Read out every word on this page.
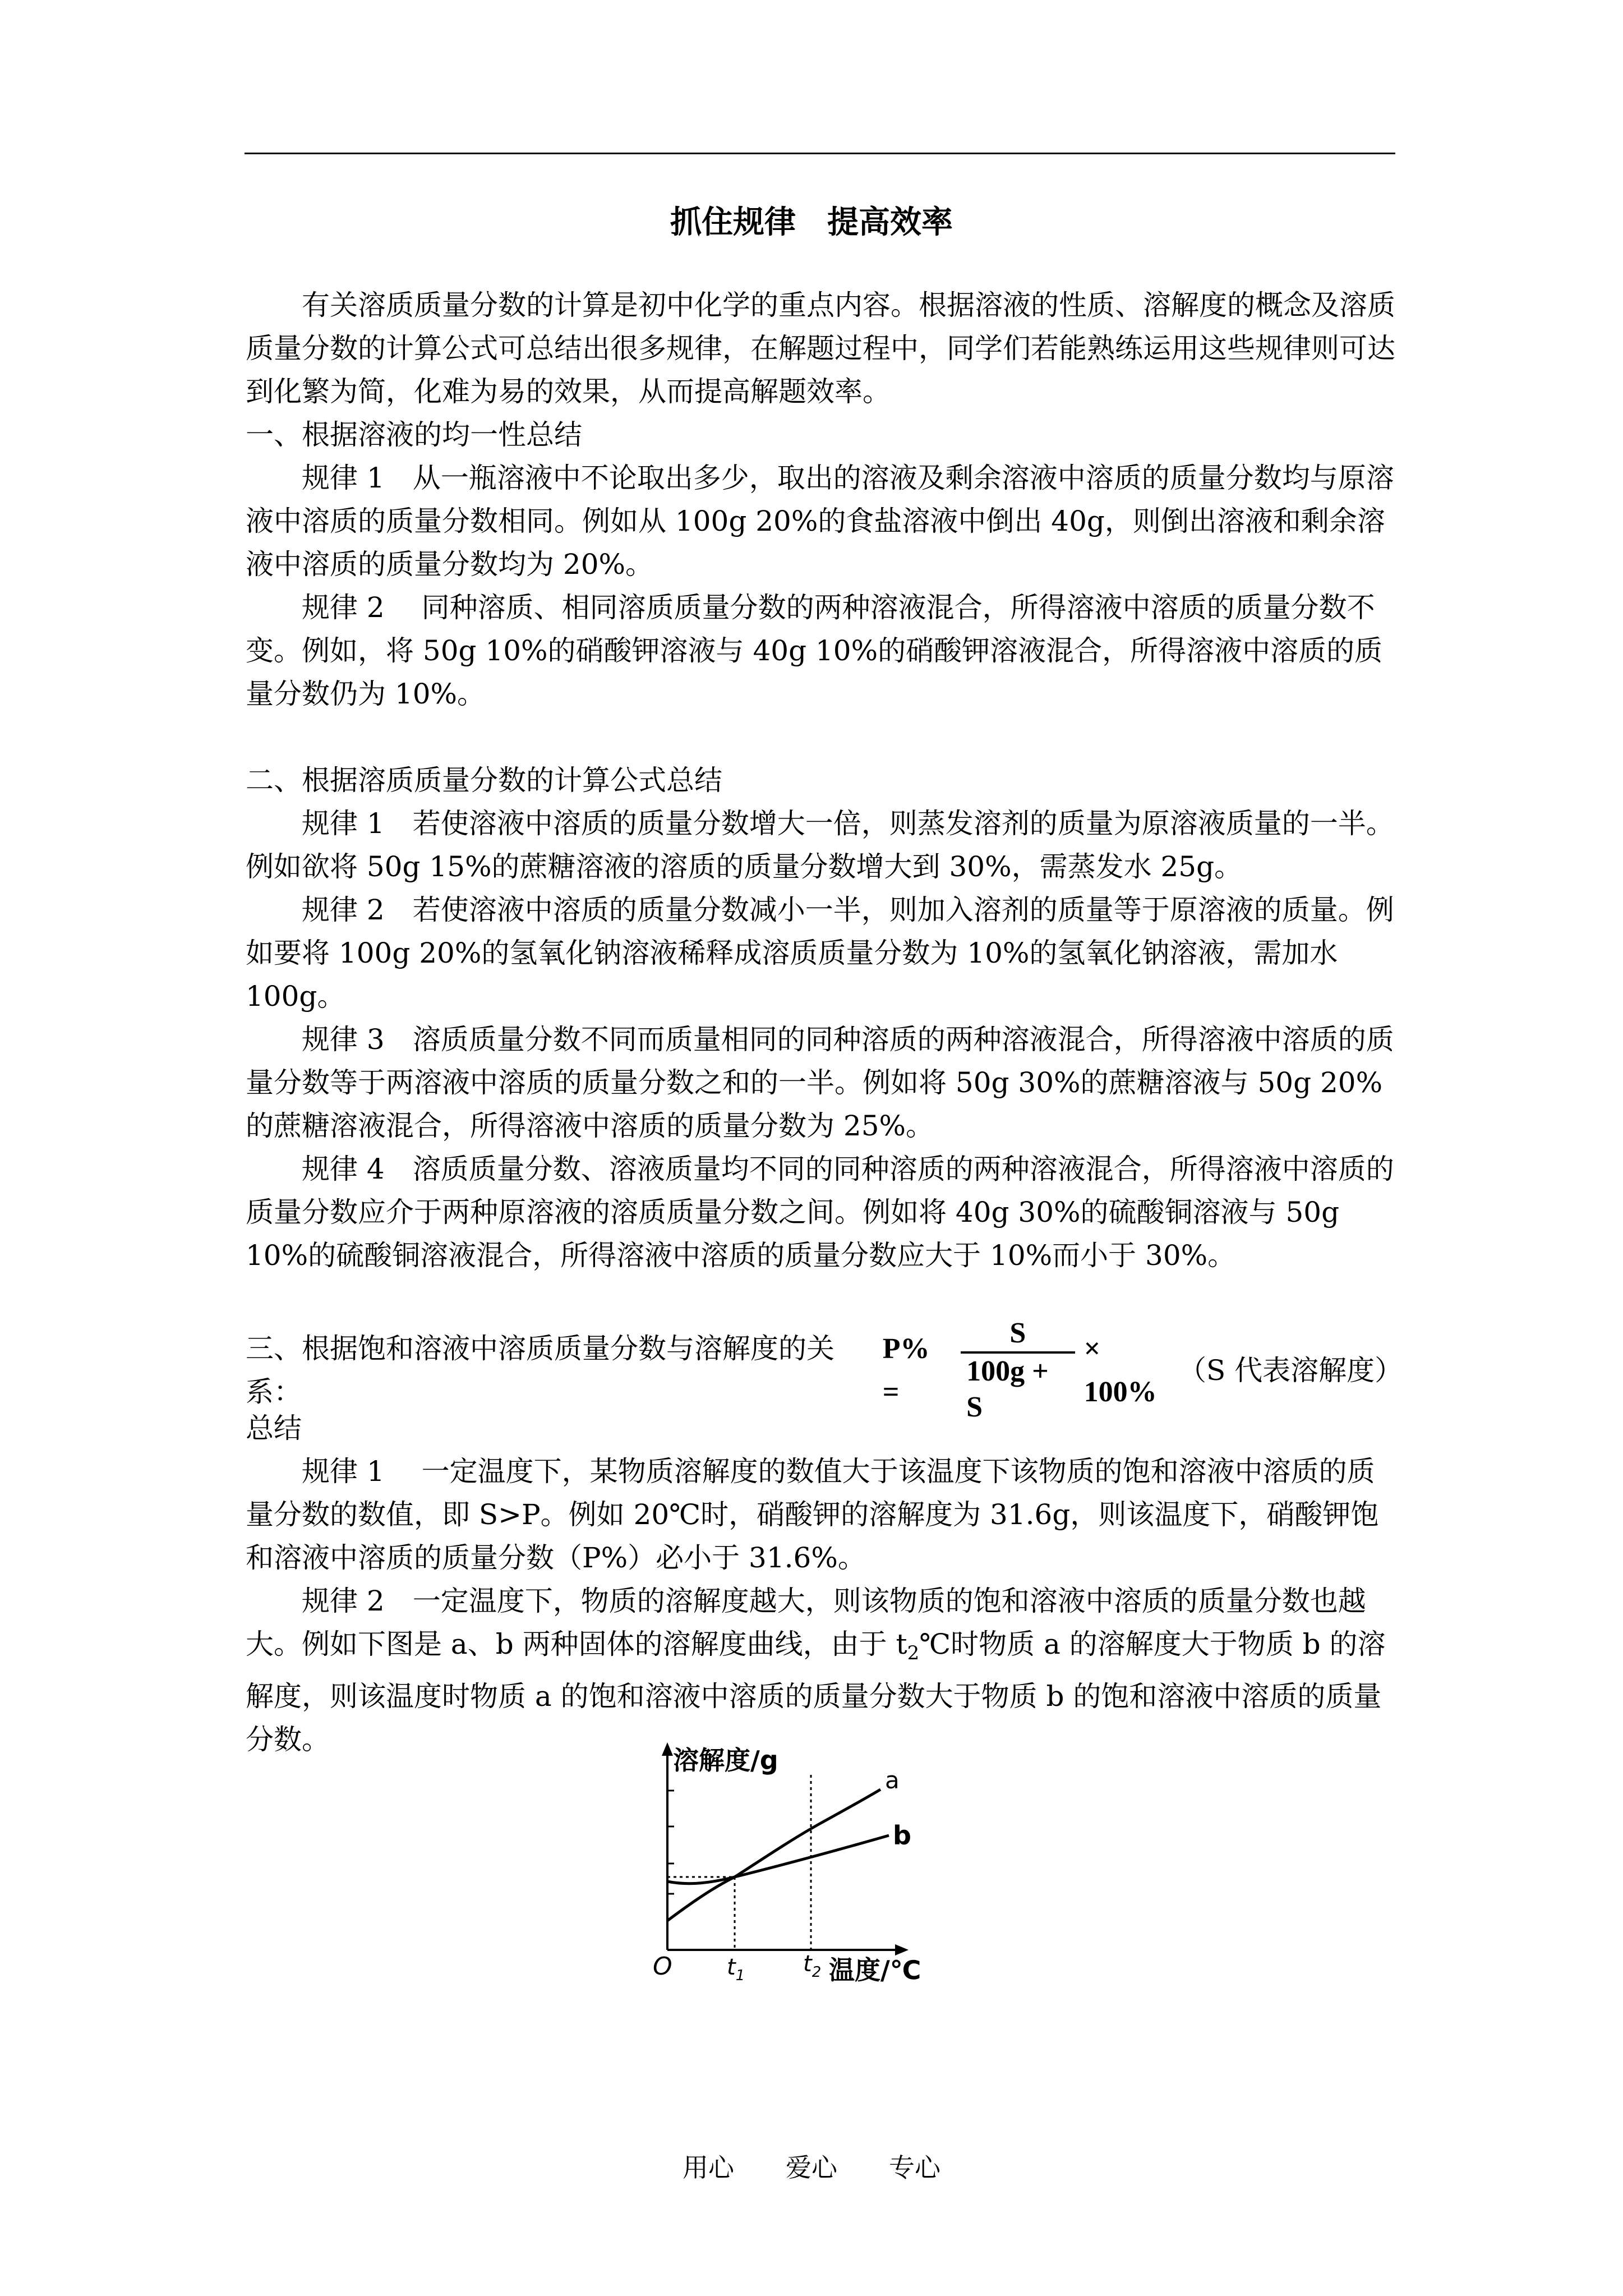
抓住规律　提高效率

有关溶质质量分数的计算是初中化学的重点内容。根据溶液的性质、溶解度的概念及溶质质量分数的计算公式可总结出很多规律，在解题过程中，同学们若能熟练运用这些规律则可达到化繁为简，化难为易的效果，从而提高解题效率。

一、根据溶液的均一性总结

规律 1　从一瓶溶液中不论取出多少，取出的溶液及剩余溶液中溶质的质量分数均与原溶液中溶质的质量分数相同。例如从 100g 20%的食盐溶液中倒出 40g，则倒出溶液和剩余溶液中溶质的质量分数均为 20%。

规律 2　 同种溶质、相同溶质质量分数的两种溶液混合，所得溶液中溶质的质量分数不变。例如，将 50g 10%的硝酸钾溶液与 40g 10%的硝酸钾溶液混合，所得溶液中溶质的质量分数仍为 10%。

二、根据溶质质量分数的计算公式总结

规律 1　若使溶液中溶质的质量分数增大一倍，则蒸发溶剂的质量为原溶液质量的一半。例如欲将 50g 15%的蔗糖溶液的溶质的质量分数增大到 30%，需蒸发水 25g。

规律 2　若使溶液中溶质的质量分数减小一半，则加入溶剂的质量等于原溶液的质量。例如要将 100g 20%的氢氧化钠溶液稀释成溶质质量分数为 10%的氢氧化钠溶液，需加水 100g。

规律 3　溶质质量分数不同而质量相同的同种溶质的两种溶液混合，所得溶液中溶质的质量分数等于两溶液中溶质的质量分数之和的一半。例如将 50g 30%的蔗糖溶液与 50g 20%的蔗糖溶液混合，所得溶液中溶质的质量分数为 25%。

规律 4　溶质质量分数、溶液质量均不同的同种溶质的两种溶液混合，所得溶液中溶质的质量分数应介于两种原溶液的溶质质量分数之间。例如将 40g 30%的硫酸铜溶液与 50g 10%的硫酸铜溶液混合，所得溶液中溶质的质量分数应大于 10%而小于 30%。

三、根据饱和溶液中溶质质量分数与溶解度的关系：
P% =	$\frac{S}{100g + S} \times 100\%$
（S 代表溶解度）

总结

规律 1　 一定温度下，某物质溶解度的数值大于该温度下该物质的饱和溶液中溶质的质量分数的数值，即 S>P。例如 20℃时，硝酸钾的溶解度为 31.6g，则该温度下，硝酸钾饱和溶液中溶质的质量分数（P%）必小于 31.6%。

规律 2　一定温度下，物质的溶解度越大，则该物质的饱和溶液中溶质的质量分数也越大。例如下图是 a、b 两种固体的溶解度曲线，由于 $t_2℃$时物质 a 的溶解度大于物质 b 的溶解度，则该温度时物质 a 的饱和溶液中溶质的质量分数大于物质 b 的饱和溶液中溶质的质量分数。

溶解度/g
a
b
O $t_1$	$t_2$ 温度/℃
用心　　爱心　　专心
